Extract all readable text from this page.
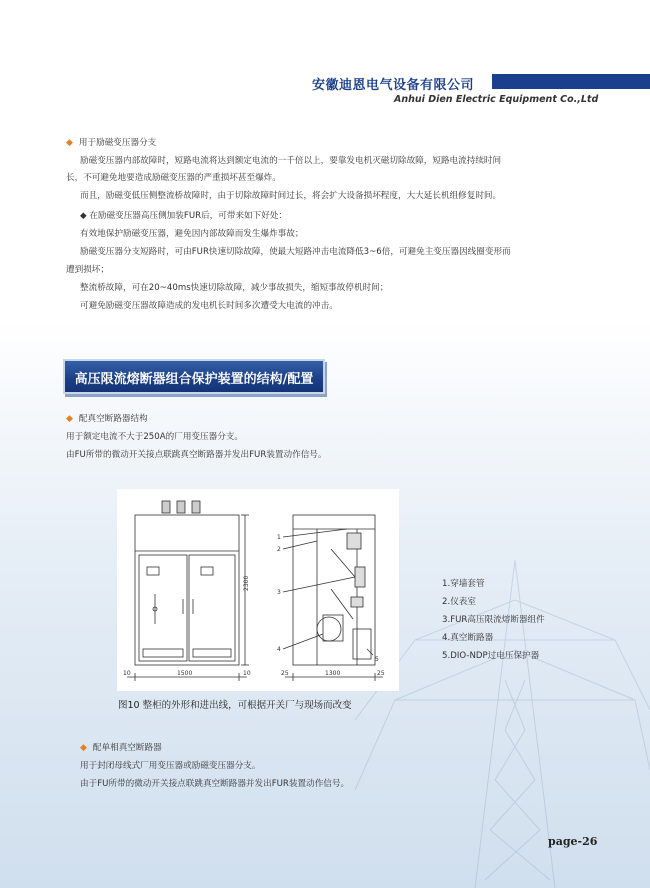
安徽迪恩电气设备有限公司
Anhui Dien Electric Equipment Co.,Ltd
◆ 用于励磁变压器分支
励磁变压器内部故障时，短路电流将达到额定电流的一千倍以上，要靠发电机灭磁切除故障，短路电流持续时间
长，不可避免地要造成励磁变压器的严重损坏甚至爆炸。
而且，励磁变低压侧整流桥故障时，由于切除故障时间过长，将会扩大设备损坏程度，大大延长机组修复时间。
◆ 在励磁变压器高压侧加装FUR后，可带来如下好处：
有效地保护励磁变压器，避免因内部故障而发生爆炸事故；
励磁变压器分支短路时，可由FUR快速切除故障，使最大短路冲击电流降低3~6倍，可避免主变压器因线圈变形而
遭到损坏；
整流桥故障，可在20~40ms快速切除故障，减少事故损失，缩短事故停机时间；
可避免励磁变压器故障造成的发电机长时间多次遭受大电流的冲击。
高压限流熔断器组合保护装置的结构/配置
◆ 配真空断路器结构
用于额定电流不大于250A的厂用变压器分支。
由FU所带的微动开关接点联跳真空断路器并发出FUR装置动作信号。
2300
10	1500	10	25	1300	25
1
2
3
4
5
1.穿墙套管
2.仪表室
3.FUR高压限流熔断器组件
4.真空断路器
5.DIO-NDP过电压保护器
图10 整柜的外形和进出线，可根据开关厂与现场而改变
◆ 配单相真空断路器
用于封闭母线式厂用变压器或励磁变压器分支。
由于FU所带的微动开关接点联跳真空断路器并发出FUR装置动作信号。
page-26
